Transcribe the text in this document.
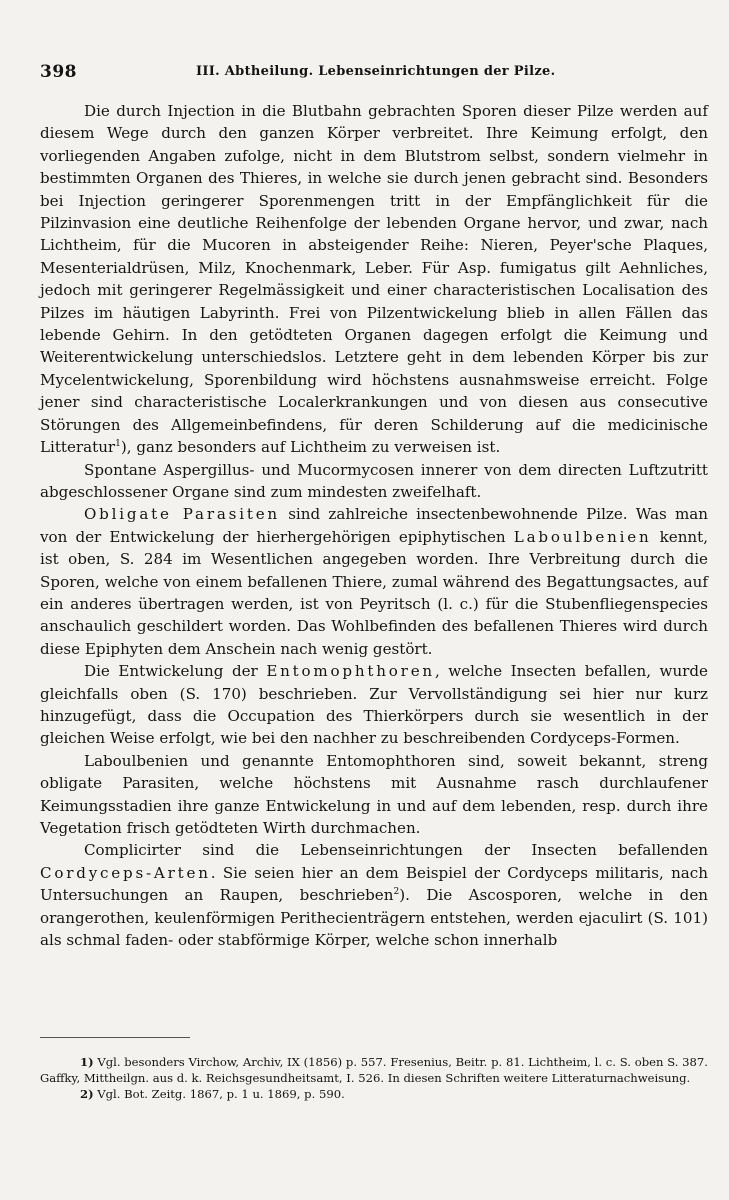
398	III. Abtheilung. Lebenseinrichtungen der Pilze.

Die durch Injection in die Blutbahn gebrachten Sporen dieser Pilze werden auf diesem Wege durch den ganzen Körper verbreitet. Ihre Keimung erfolgt, den vorliegenden Angaben zufolge, nicht in dem Blutstrom selbst, sondern vielmehr in bestimmten Organen des Thieres, in welche sie durch jenen gebracht sind. Besonders bei Injection geringerer Sporenmengen tritt in der Empfänglichkeit für die Pilzinvasion eine deutliche Reihenfolge der lebenden Organe hervor, und zwar, nach Lichtheim, für die Mucoren in absteigender Reihe: Nieren, Peyer'sche Plaques, Mesenterialdrüsen, Milz, Knochenmark, Leber. Für Asp. fumigatus gilt Aehnliches, jedoch mit geringerer Regelmässigkeit und einer characteristischen Localisation des Pilzes im häutigen Labyrinth. Frei von Pilzentwickelung blieb in allen Fällen das lebende Gehirn. In den getödteten Organen dagegen erfolgt die Keimung und Weiterentwickelung unterschiedslos. Letztere geht in dem lebenden Körper bis zur Mycelentwickelung, Sporenbildung wird höchstens ausnahmsweise erreicht. Folge jener sind characteristische Localerkrankungen und von diesen aus consecutive Störungen des Allgemeinbefindens, für deren Schilderung auf die medicinische Litteratur$^1$), ganz besonders auf Lichtheim zu verweisen ist.

Spontane Aspergillus- und Mucormycosen innerer von dem directen Luftzutritt abgeschlossener Organe sind zum mindesten zweifelhaft.

Obligate Parasiten sind zahlreiche insectenbewohnende Pilze. Was man von der Entwickelung der hierhergehörigen epiphytischen Laboulbenien kennt, ist oben, S. 284 im Wesentlichen angegeben worden. Ihre Verbreitung durch die Sporen, welche von einem befallenen Thiere, zumal während des Begattungsactes, auf ein anderes übertragen werden, ist von Peyritsch (l. c.) für die Stubenfliegenspecies anschaulich geschildert worden. Das Wohlbefinden des befallenen Thieres wird durch diese Epiphyten dem Anschein nach wenig gestört.

Die Entwickelung der Entomophthoren, welche Insecten befallen, wurde gleichfalls oben (S. 170) beschrieben. Zur Vervollständigung sei hier nur kurz hinzugefügt, dass die Occupation des Thierkörpers durch sie wesentlich in der gleichen Weise erfolgt, wie bei den nachher zu beschreibenden Cordyceps-Formen.

Laboulbenien und genannte Entomophthoren sind, soweit bekannt, streng obligate Parasiten, welche höchstens mit Ausnahme rasch durchlaufener Keimungsstadien ihre ganze Entwickelung in und auf dem lebenden, resp. durch ihre Vegetation frisch getödteten Wirth durchmachen.

Complicirter sind die Lebenseinrichtungen der Insecten befallenden Cordyceps-Arten. Sie seien hier an dem Beispiel der Cordyceps militaris, nach Untersuchungen an Raupen, beschrieben$^2$). Die Ascosporen, welche in den orangerothen, keulenförmigen Perithecienträgern entstehen, werden ejaculirt (S. 101) als schmal faden- oder stabförmige Körper, welche schon innerhalb

1) Vgl. besonders Virchow, Archiv, IX (1856) p. 557. Fresenius, Beitr. p. 81. Lichtheim, l. c. S. oben S. 387. Gaffky, Mittheilgn. aus d. k. Reichsgesundheitsamt, I. 526. In diesen Schriften weitere Litteraturnachweisung.

2) Vgl. Bot. Zeitg. 1867, p. 1 u. 1869, p. 590.
